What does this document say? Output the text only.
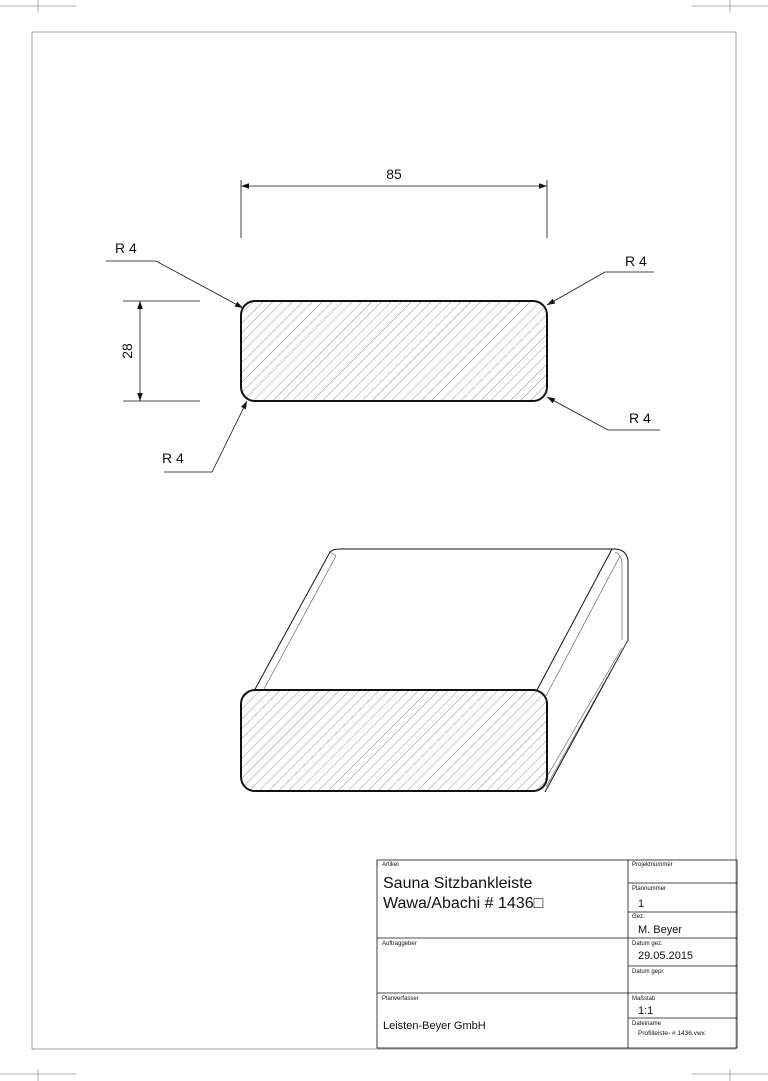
85
28
R 4
R 4
R 4
R 4
Artikel
Sauna Sitzbankleiste
Wawa/Abachi # 1436□
Projektnummer
Plannummer
1
Gez.
M. Beyer
Auftraggeber	Datum gez.
29.05.2015
Datum gepr.
Planverfasser
Leisten-Beyer GmbH
Maßstab
1:1
Dateiname
Profilleiste- # 1436.vwx
